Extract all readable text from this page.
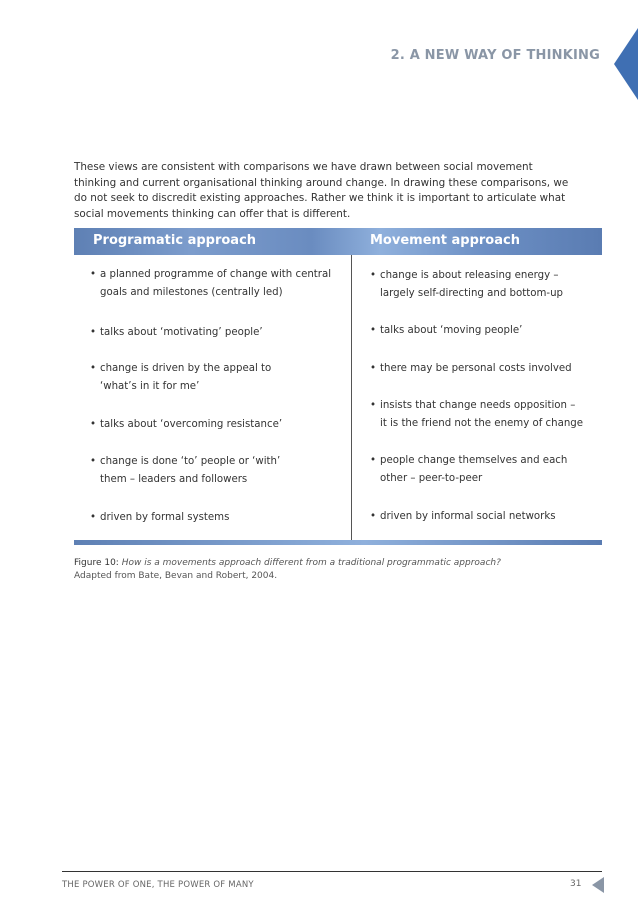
2. A NEW WAY OF THINKING

These views are consistent with comparisons we have drawn between social movement thinking and current organisational thinking around change. In drawing these comparisons, we do not seek to discredit existing approaches. Rather we think it is important to articulate what social movements thinking can offer that is different.

Programatic approach	Movement approach
• a planned programme of change with central
goals and milestones (centrally led)
• talks about ‘motivating’ people’
• change is driven by the appeal to
‘what’s in it for me’
• talks about ‘overcoming resistance’
• change is done ‘to’ people or ‘with’
them – leaders and followers
• driven by formal systems
• change is about releasing energy –
largely self-directing and bottom-up
• talks about ‘moving people’
• there may be personal costs involved
• insists that change needs opposition –
it is the friend not the enemy of change
• people change themselves and each
other – peer-to-peer
• driven by informal social networks
Figure 10: How is a movements approach different from a traditional programmatic approach?
Adapted from Bate, Bevan and Robert, 2004.
THE POWER OF ONE, THE POWER OF MANY	31
